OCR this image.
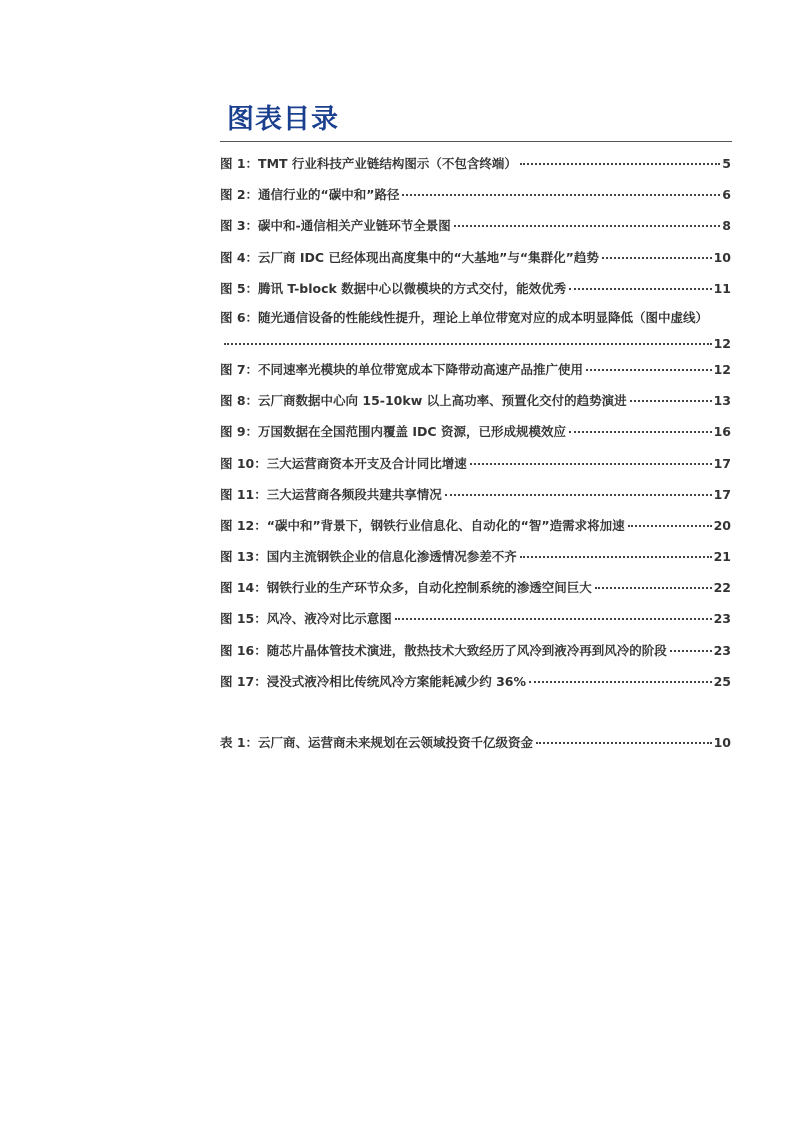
图表目录
图 1：TMT 行业科技产业链结构图示（不包含终端）	5
图 2：通信行业的“碳中和”路径	6
图 3：碳中和-通信相关产业链环节全景图	8
图 4：云厂商 IDC 已经体现出高度集中的“大基地”与“集群化”趋势	10
图 5：腾讯 T-block 数据中心以微模块的方式交付，能效优秀	11
图 6：随光通信设备的性能线性提升，理论上单位带宽对应的成本明显降低（图中虚线）
12
图 7：不同速率光模块的单位带宽成本下降带动高速产品推广使用	12
图 8：云厂商数据中心向 15-10kw 以上高功率、预置化交付的趋势演进	13
图 9：万国数据在全国范围内覆盖 IDC 资源，已形成规模效应	16
图 10：三大运营商资本开支及合计同比增速	17
图 11：三大运营商各频段共建共享情况	17
图 12：“碳中和”背景下，钢铁行业信息化、自动化的“智”造需求将加速	20
图 13：国内主流钢铁企业的信息化渗透情况参差不齐	21
图 14：钢铁行业的生产环节众多，自动化控制系统的渗透空间巨大	22
图 15：风冷、液冷对比示意图	23
图 16：随芯片晶体管技术演进，散热技术大致经历了风冷到液冷再到风冷的阶段	23
图 17：浸没式液冷相比传统风冷方案能耗减少约 36%	25
表 1：云厂商、运营商未来规划在云领域投资千亿级资金	10
